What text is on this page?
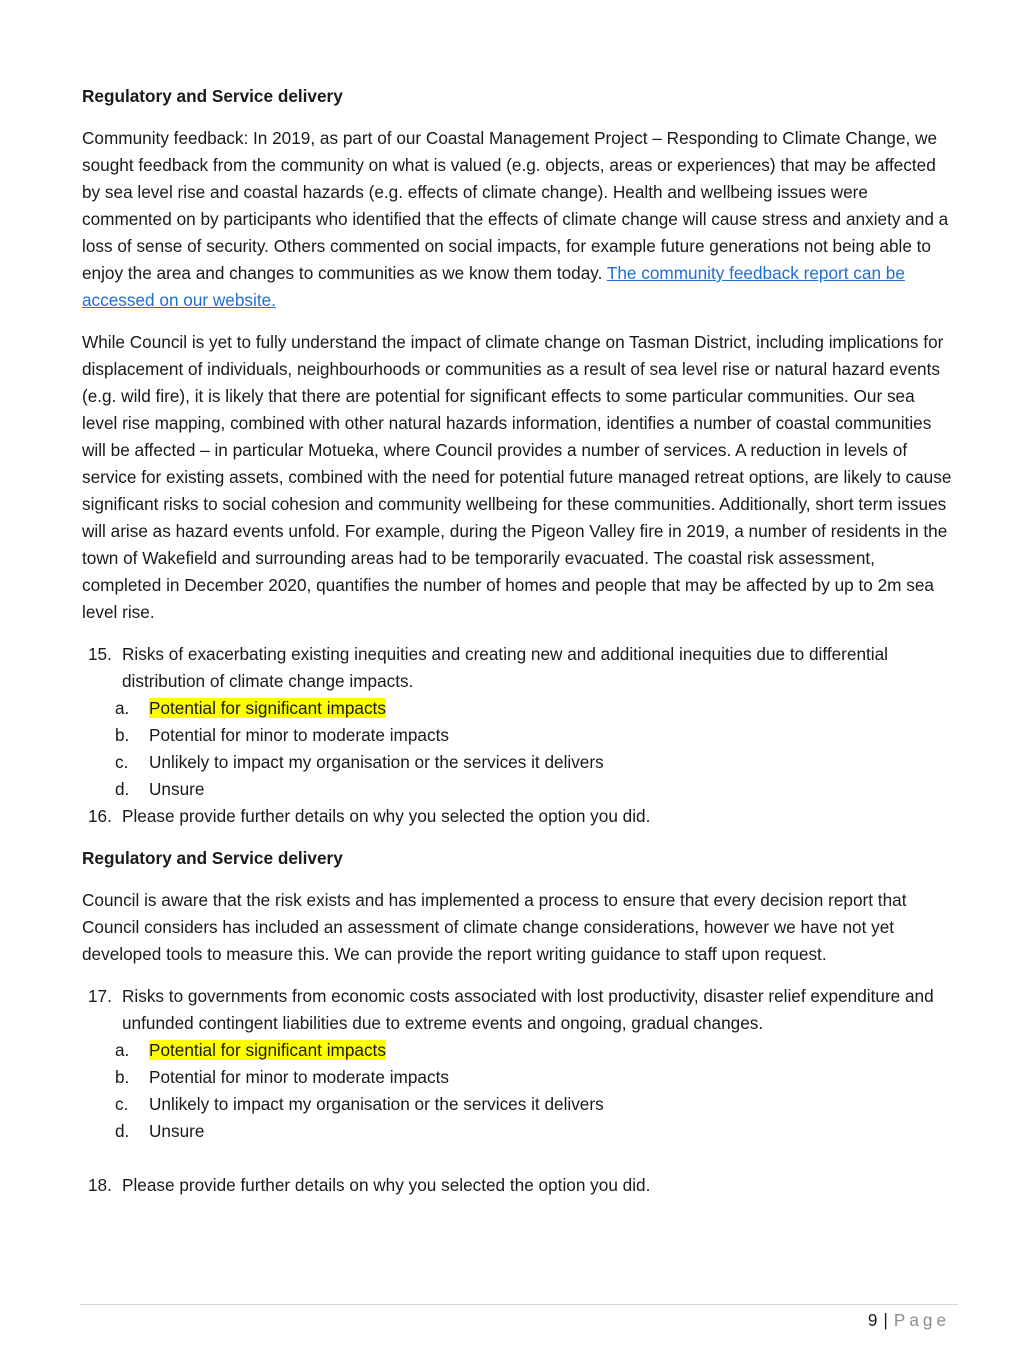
Regulatory and Service delivery

Community feedback: In 2019, as part of our Coastal Management Project – Responding to Climate Change, we sought feedback from the community on what is valued (e.g. objects, areas or experiences) that may be affected by sea level rise and coastal hazards (e.g. effects of climate change). Health and wellbeing issues were commented on by participants who identified that the effects of climate change will cause stress and anxiety and a loss of sense of security. Others commented on social impacts, for example future generations not being able to enjoy the area and changes to communities as we know them today. The community feedback report can be accessed on our website.

While Council is yet to fully understand the impact of climate change on Tasman District, including implications for displacement of individuals, neighbourhoods or communities as a result of sea level rise or natural hazard events (e.g. wild fire), it is likely that there are potential for significant effects to some particular communities. Our sea level rise mapping, combined with other natural hazards information, identifies a number of coastal communities will be affected – in particular Motueka, where Council provides a number of services. A reduction in levels of service for existing assets, combined with the need for potential future managed retreat options, are likely to cause significant risks to social cohesion and community wellbeing for these communities. Additionally, short term issues will arise as hazard events unfold. For example, during the Pigeon Valley fire in 2019, a number of residents in the town of Wakefield and surrounding areas had to be temporarily evacuated. The coastal risk assessment, completed in December 2020, quantifies the number of homes and people that may be affected by up to 2m sea level rise.

15. Risks of exacerbating existing inequities and creating new and additional inequities due to differential distribution of climate change impacts.
a. Potential for significant impacts
b. Potential for minor to moderate impacts
c. Unlikely to impact my organisation or the services it delivers
d. Unsure
16. Please provide further details on why you selected the option you did.
Regulatory and Service delivery

Council is aware that the risk exists and has implemented a process to ensure that every decision report that Council considers has included an assessment of climate change considerations, however we have not yet developed tools to measure this. We can provide the report writing guidance to staff upon request.

17. Risks to governments from economic costs associated with lost productivity, disaster relief expenditure and unfunded contingent liabilities due to extreme events and ongoing, gradual changes.
a. Potential for significant impacts
b. Potential for minor to moderate impacts
c. Unlikely to impact my organisation or the services it delivers
d. Unsure
18. Please provide further details on why you selected the option you did.
9 | Page
